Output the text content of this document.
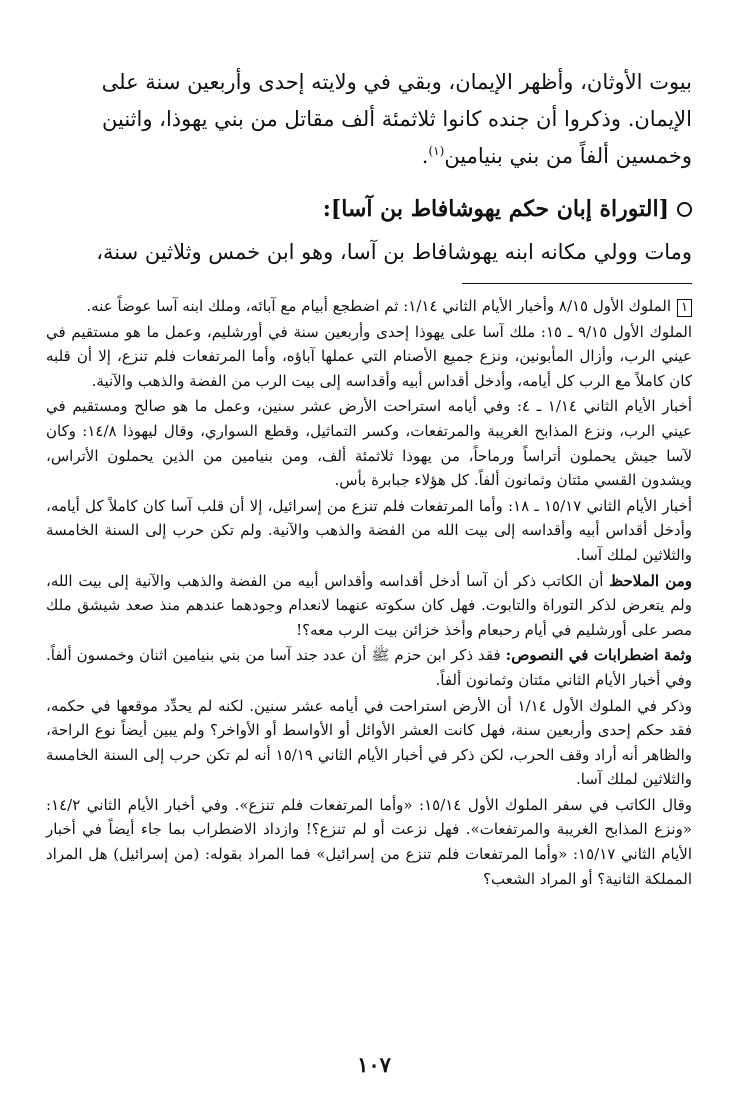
بيوت الأوثان، وأظهر الإيمان، وبقي في ولايته إحدى وأربعين سنة على

الإيمان. وذكروا أن جنده كانوا ثلاثمئة ألف مقاتل من بني يهوذا، واثنين

وخمسين ألفاً من بني بنيامين$^{(١)}$.

[التوراة إبان حكم يهوشافاط بن آسا]:

ومات وولي مكانه ابنه يهوشافاط بن آسا، وهو ابن خمس وثلاثين سنة،

١الملوك الأول ٨/١٥ وأخبار الأيام الثاني ١/١٤: ثم اضطجع أبيام مع آبائه، وملك ابنه آسا عوضاً عنه.

الملوك الأول ٩/١٥ ـ ١٥: ملك آسا على يهوذا إحدى وأربعين سنة في أورشليم، وعمل ما هو مستقيم في عيني الرب، وأزال المأبونين، ونزع جميع الأصنام التي عملها آباؤه، وأما المرتفعات فلم تنزع، إلا أن قلبه كان كاملاً مع الرب كل أيامه، وأدخل أقداس أبيه وأقداسه إلى بيت الرب من الفضة والذهب والآنية.

أخبار الأيام الثاني ١/١٤ ـ ٤: وفي أيامه استراحت الأرض عشر سنين، وعمل ما هو صالح ومستقيم في عيني الرب، ونزع المذابح الغريبة والمرتفعات، وكسر التماثيل، وقطع السواري، وقال ليهوذا ١٤/٨: وكان لآسا جيش يحملون أتراساً ورماحاً، من يهوذا ثلاثمئة ألف، ومن بنيامين من الذين يحملون الأتراس، ويشدون القسي مئتان وثمانون ألفاً. كل هؤلاء جبابرة بأس.

أخبار الأيام الثاني ١٥/١٧ ـ ١٨: وأما المرتفعات فلم تنزع من إسرائيل، إلا أن قلب آسا كان كاملاً كل أيامه، وأدخل أقداس أبيه وأقداسه إلى بيت الله من الفضة والذهب والآنية. ولم تكن حرب إلى السنة الخامسة والثلاثين لملك آسا.

ومن الملاحظ أن الكاتب ذكر أن آسا أدخل أقداسه وأقداس أبيه من الفضة والذهب والآنية إلى بيت الله، ولم يتعرض لذكر التوراة والتابوت. فهل كان سكوته عنهما لانعدام وجودهما عندهم منذ صعد شيشق ملك مصر على أورشليم في أيام رحبعام وأخذ خزائن بيت الرب معه؟!

وثمة اضطرابات في النصوص: فقد ذكر ابن حزم ﷺ أن عدد جند آسا من بني بنيامين اثنان وخمسون ألفاً. وفي أخبار الأيام الثاني مئتان وثمانون ألفاً.

وذكر في الملوك الأول ١/١٤ أن الأرض استراحت في أيامه عشر سنين. لكنه لم يحدِّد موقعها في حكمه، فقد حكم إحدى وأربعين سنة، فهل كانت العشر الأوائل أو الأواسط أو الأواخر؟ ولم يبين أيضاً نوع الراحة، والظاهر أنه أراد وقف الحرب، لكن ذكر في أخبار الأيام الثاني ١٥/١٩ أنه لم تكن حرب إلى السنة الخامسة والثلاثين لملك آسا.

وقال الكاتب في سفر الملوك الأول ١٥/١٤: «وأما المرتفعات فلم تنزع». وفي أخبار الأيام الثاني ١٤/٢: «ونزع المذابح الغريبة والمرتفعات». فهل نزعت أو لم تنزع؟! وازداد الاضطراب بما جاء أيضاً في أخبار الأيام الثاني ١٥/١٧: «وأما المرتفعات فلم تنزع من إسرائيل» فما المراد بقوله: (من إسرائيل) هل المراد المملكة الثانية؟ أو المراد الشعب؟

١٠٧
